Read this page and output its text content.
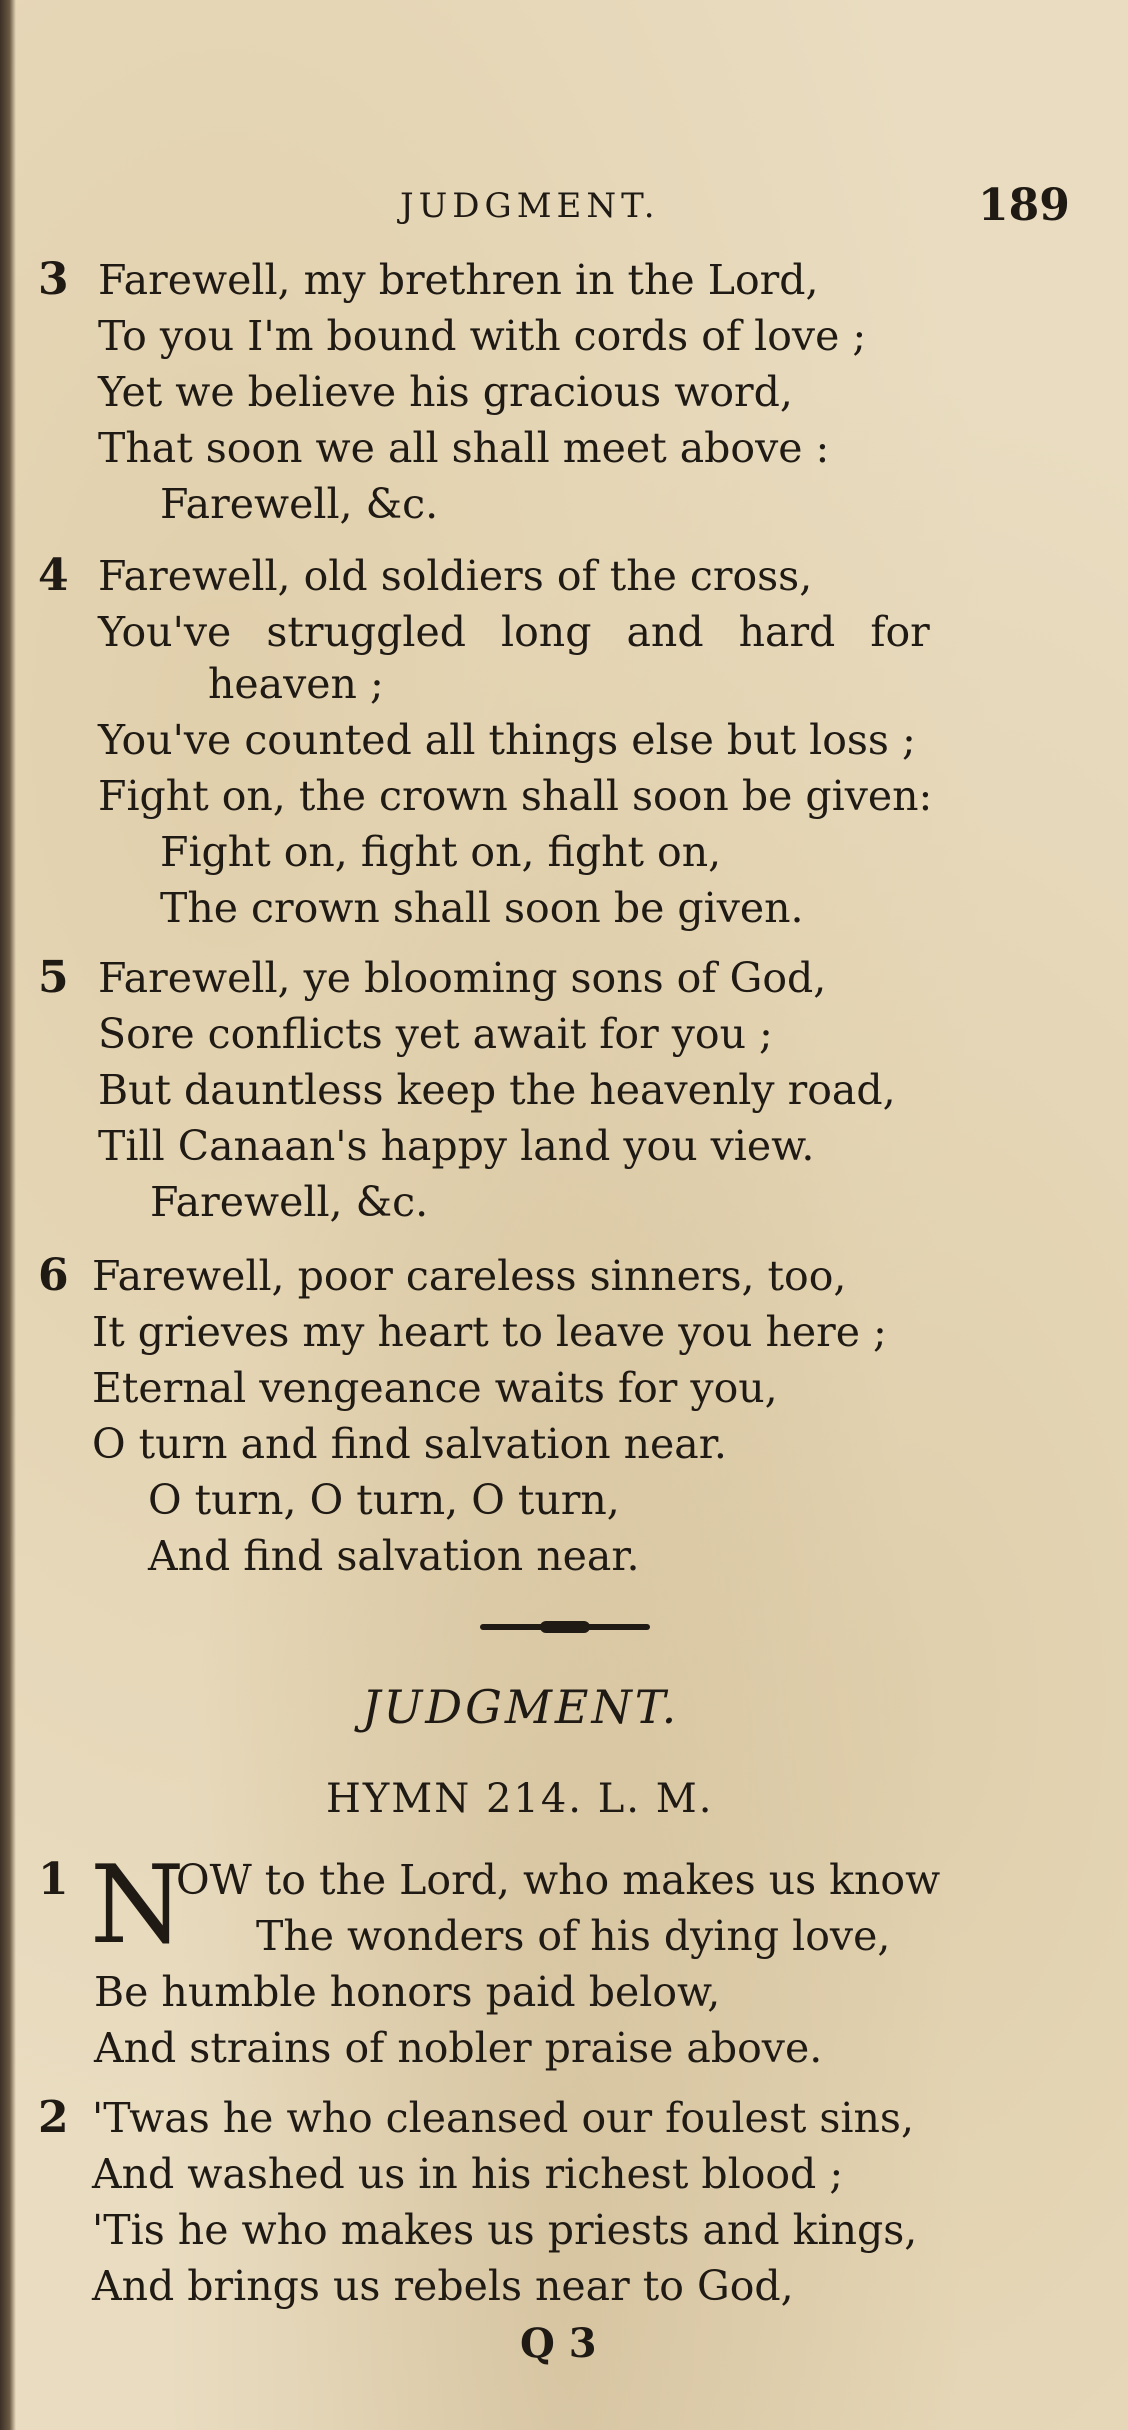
JUDGMENT.	189
3 Farewell, my brethren in the Lord,
To you I'm bound with cords of love ;
Yet we believe his gracious word,
That soon we all shall meet above :
Farewell, &c.
4 Farewell, old soldiers of the cross,
You've struggled long and hard for
heaven ;
You've counted all things else but loss ;
Fight on, the crown shall soon be given:
Fight on, fight on, fight on,
The crown shall soon be given.
5 Farewell, ye blooming sons of God,
Sore conflicts yet await for you ;
But dauntless keep the heavenly road,
Till Canaan's happy land you view.
Farewell, &c.
6 Farewell, poor careless sinners, too,
It grieves my heart to leave you here ;
Eternal vengeance waits for you,
O turn and find salvation near.
O turn, O turn, O turn,
And find salvation near.
JUDGMENT.
HYMN 214. L. M.
1 N
OW to the Lord, who makes us know
The wonders of his dying love,
Be humble honors paid below,
And strains of nobler praise above.
2 'Twas he who cleansed our foulest sins,
And washed us in his richest blood ;
'Tis he who makes us priests and kings,
And brings us rebels near to God,
Q 3
